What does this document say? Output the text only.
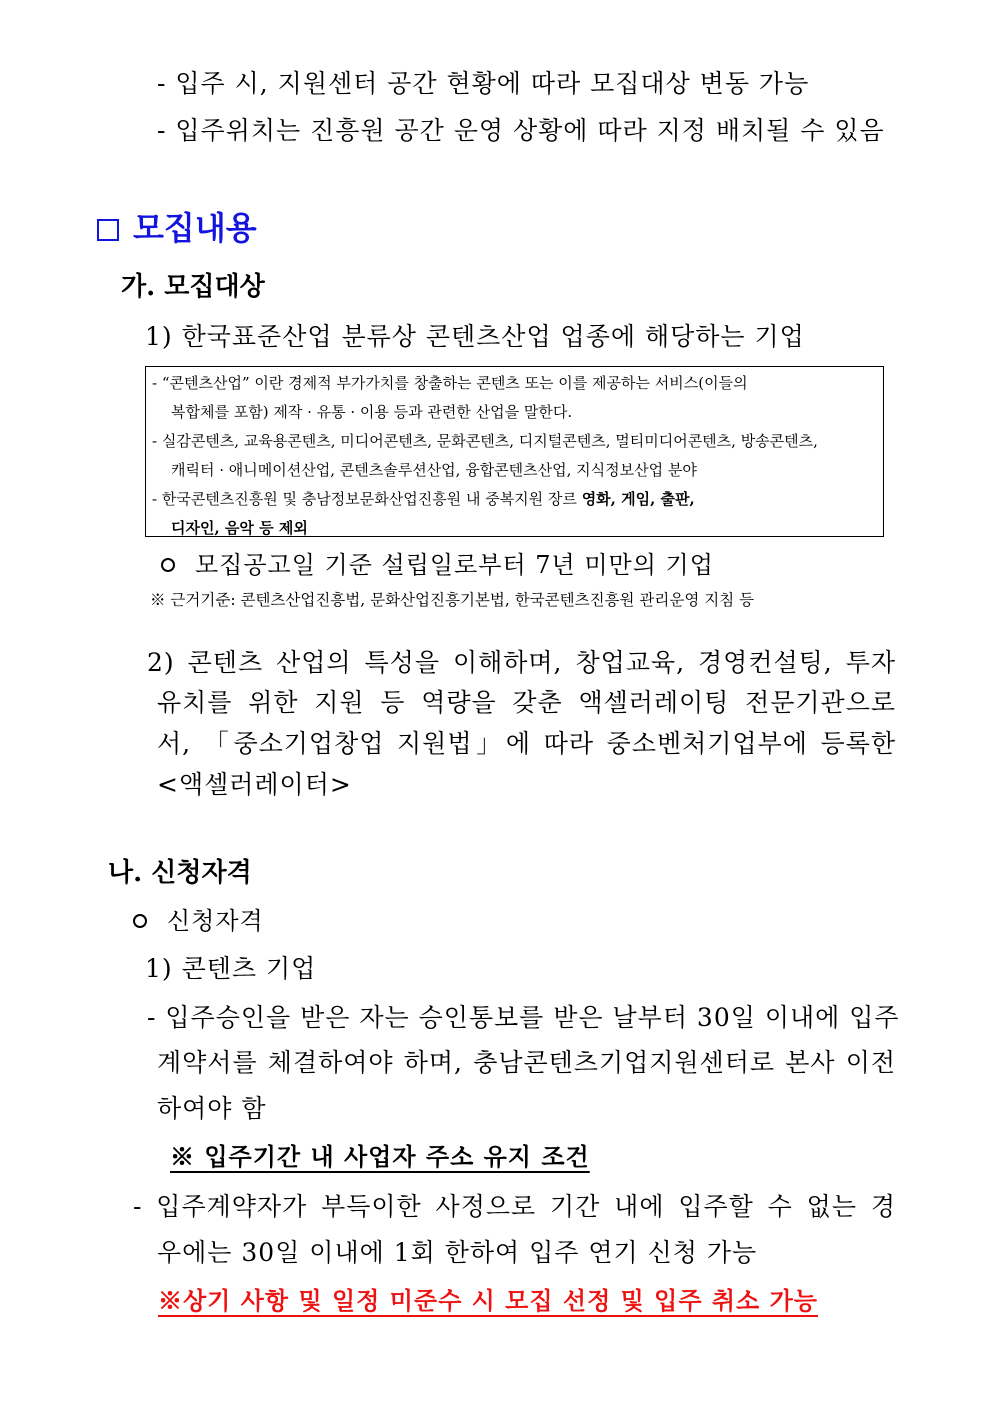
- 입주 시, 지원센터 공간 현황에 따라 모집대상 변동 가능
- 입주위치는 진흥원 공간 운영 상황에 따라 지정 배치될 수 있음
모집내용
가. 모집대상
1) 한국표준산업 분류상 콘텐츠산업 업종에 해당하는 기업
- “콘텐츠산업” 이란 경제적 부가가치를 창출하는 콘텐츠 또는 이를 제공하는 서비스(이들의
복합체를 포함) 제작 · 유통 · 이용 등과 관련한 산업을 말한다.
- 실감콘텐츠, 교육용콘텐츠, 미디어콘텐츠, 문화콘텐츠, 디지털콘텐츠, 멀티미디어콘텐츠, 방송콘텐츠,
캐릭터 · 애니메이션산업, 콘텐츠솔루션산업, 융합콘텐츠산업, 지식정보산업 분야
- 한국콘텐츠진흥원 및 충남정보문화산업진흥원 내 중복지원 장르 영화, 게임, 출판,
디자인, 음악 등 제외
모집공고일 기준 설립일로부터 7년 미만의 기업
※ 근거기준: 콘텐츠산업진흥법, 문화산업진흥기본법, 한국콘텐츠진흥원 관리운영 지침 등
2) 콘텐츠 산업의 특성을 이해하며, 창업교육, 경영컨설팅, 투자
유치를 위한 지원 등 역량을 갖춘 액셀러레이팅 전문기관으로
서, 「중소기업창업 지원법」에 따라 중소벤처기업부에 등록한
<액셀러레이터>
나. 신청자격
신청자격
1) 콘텐츠 기업
- 입주승인을 받은 자는 승인통보를 받은 날부터 30일 이내에 입주
계약서를 체결하여야 하며, 충남콘텐츠기업지원센터로 본사 이전
하여야 함
※ 입주기간 내 사업자 주소 유지 조건
- 입주계약자가 부득이한 사정으로 기간 내에 입주할 수 없는 경
우에는 30일 이내에 1회 한하여 입주 연기 신청 가능
※상기 사항 및 일정 미준수 시 모집 선정 및 입주 취소 가능
